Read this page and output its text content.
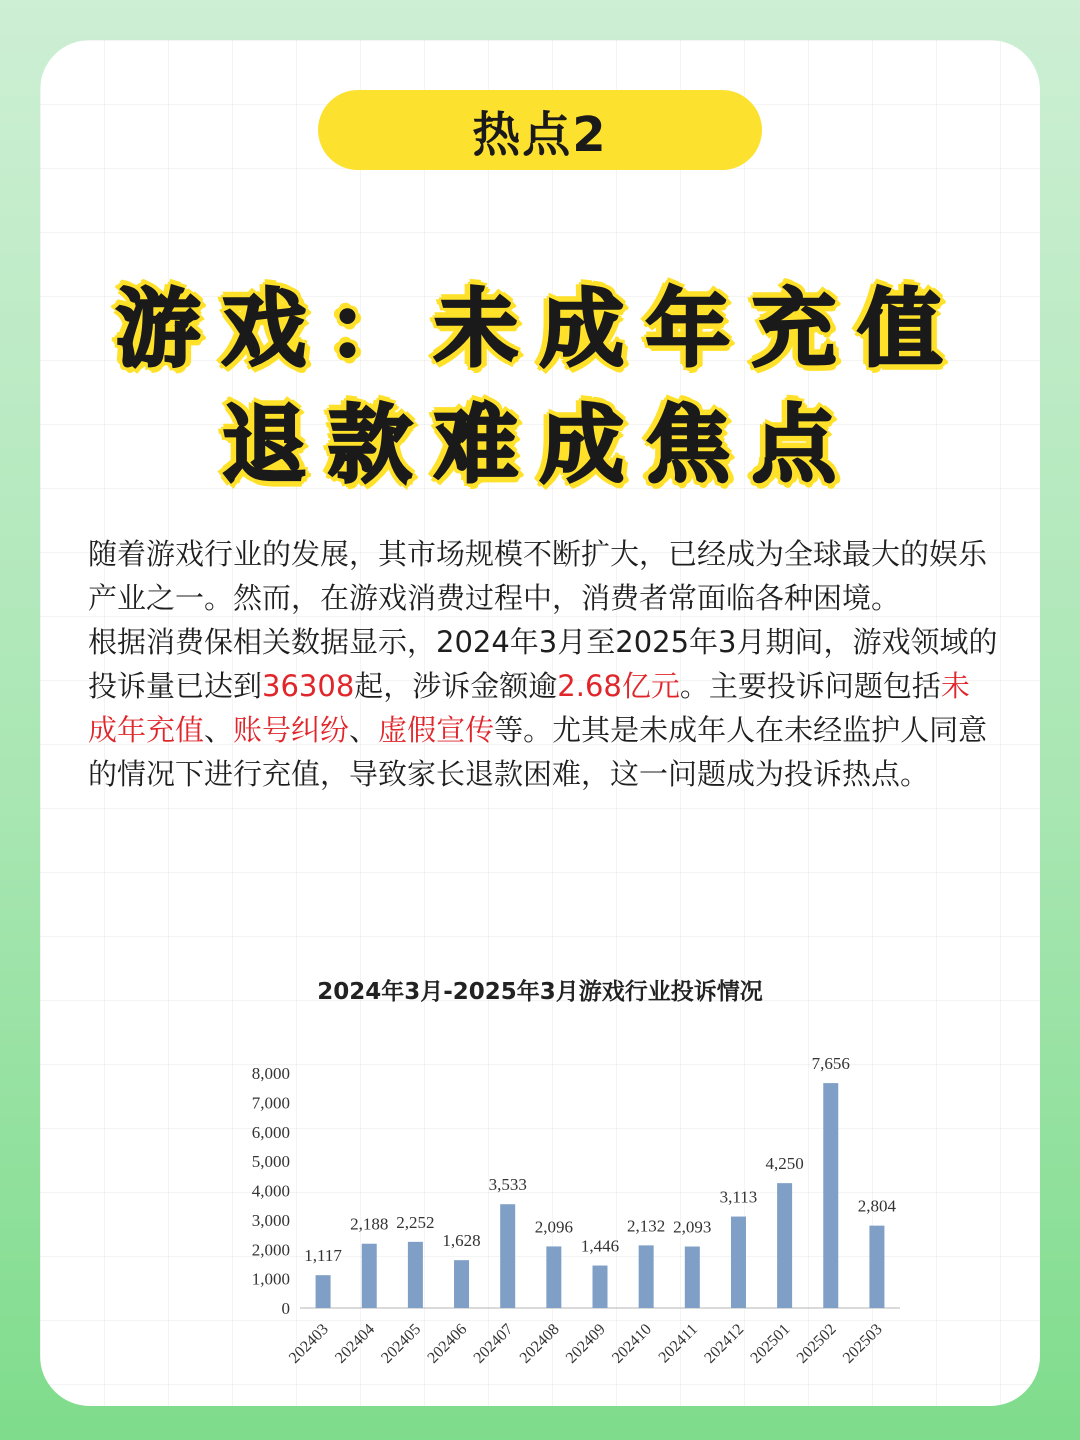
热点2
游戏：未成年充值
退款难成焦点

随着游戏行业的发展，其市场规模不断扩大，已经成为全球最大的娱乐产业之一。然而，在游戏消费过程中，消费者常面临各种困境。

根据消费保相关数据显示，2024年3月至2025年3月期间，游戏领域的投诉量已达到36308起，涉诉金额逾2.68亿元。主要投诉问题包括未成年充值、账号纠纷、虚假宣传等。尤其是未成年人在未经监护人同意的情况下进行充值，导致家长退款困难，这一问题成为投诉热点。

2024年3月-2025年3月游戏行业投诉情况
0
1,000
2,000
3,000
4,000
5,000
6,000
7,000
8,000
1,117
202403
2,188
202404
2,252
202405
1,628
202406
3,533
202407
2,096
202408
1,446
202409
2,132
202410
2,093
202411
3,113
202412
4,250
202501
7,656
202502
2,804
202503
